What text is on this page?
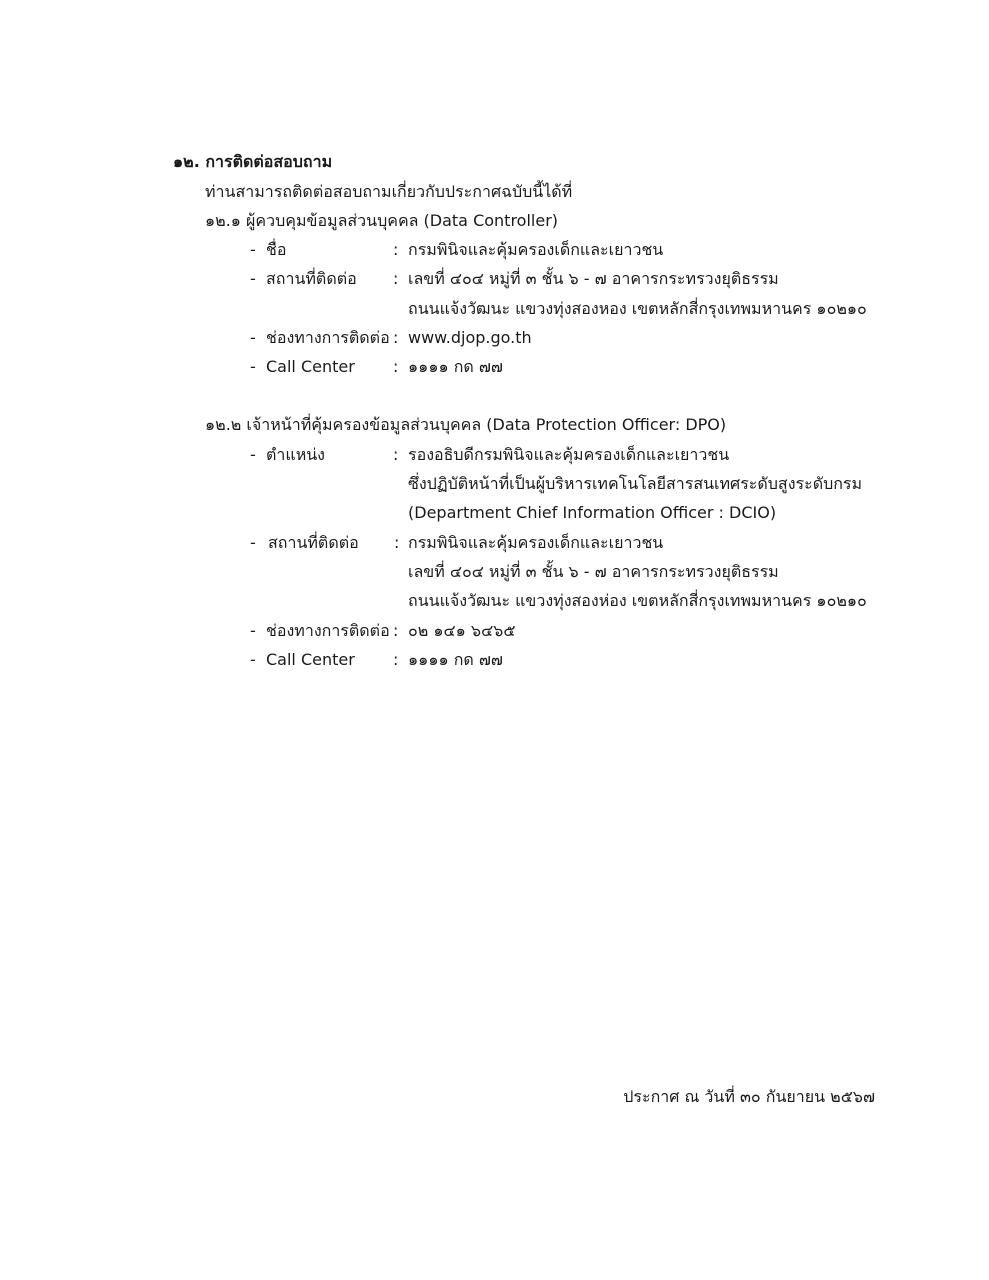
๑๒. การติดต่อสอบถาม
ท่านสามารถติดต่อสอบถามเกี่ยวกับประกาศฉบับนี้ได้ที่
๑๒.๑ ผู้ควบคุมข้อมูลส่วนบุคคล (Data Controller)
- ชื่อ	: กรมพินิจและคุ้มครองเด็กและเยาวชน
- สถานที่ติดต่อ : เลขที่ ๔๐๔ หมู่ที่ ๓ ชั้น ๖ - ๗ อาคารกระทรวงยุติธรรม
ถนนแจ้งวัฒนะ แขวงทุ่งสองหอง เขตหลักสี่กรุงเทพมหานคร ๑๐๒๑๐
- ช่องทางการติดต่อ : www.djop.go.th
- Call Center : ๑๑๑๑ กด ๗๗
๑๒.๒ เจ้าหน้าที่คุ้มครองข้อมูลส่วนบุคคล (Data Protection Officer: DPO)
- ตำแหน่ง	: รองอธิบดีกรมพินิจและคุ้มครองเด็กและเยาวชน
ซึ่งปฏิบัติหน้าที่เป็นผู้บริหารเทคโนโลยีสารสนเทศระดับสูงระดับกรม
(Department Chief Information Officer : DCIO)
- สถานที่ติดต่อ : กรมพินิจและคุ้มครองเด็กและเยาวชน
เลขที่ ๔๐๔ หมู่ที่ ๓ ชั้น ๖ - ๗ อาคารกระทรวงยุติธรรม
ถนนแจ้งวัฒนะ แขวงทุ่งสองห่อง เขตหลักสี่กรุงเทพมหานคร ๑๐๒๑๐
- ช่องทางการติดต่อ : ๐๒ ๑๔๑ ๖๔๖๕
- Call Center : ๑๑๑๑ กด ๗๗
ประกาศ ณ วันที่ ๓๐ กันยายน ๒๕๖๗
